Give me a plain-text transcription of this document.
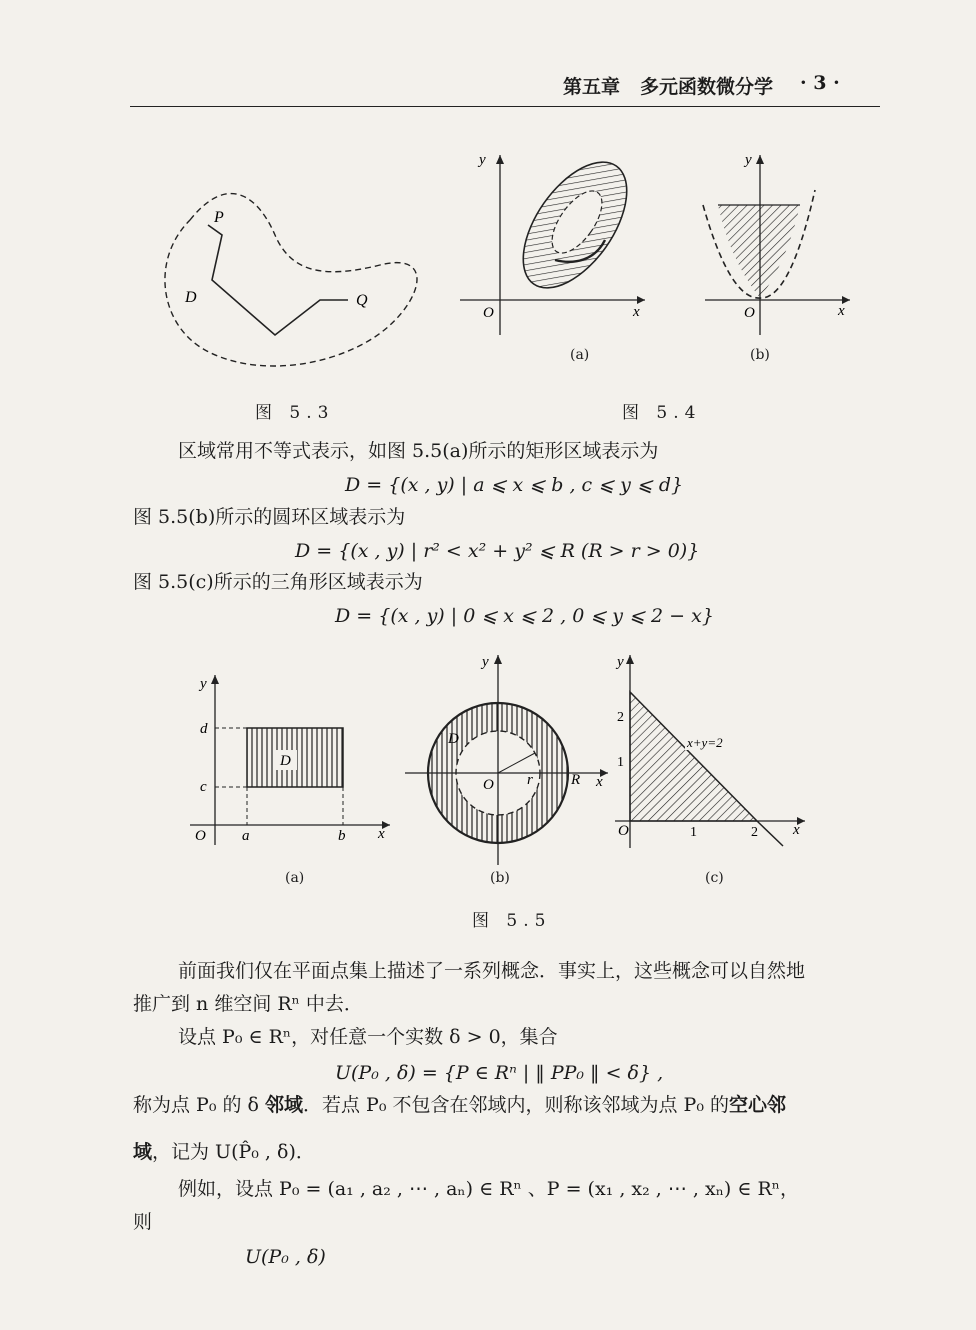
第五章 多元函数微分学 · 3 ·
P
D	Q
图 5.3
y
O	x
(a)
y
O	x
(b)
图 5.4
区域常用不等式表示，如图 5.5(a)所示的矩形区域表示为
D = {(x , y) | a ⩽ x ⩽ b , c ⩽ y ⩽ d}
图 5.5(b)所示的圆环区域表示为
D = {(x , y) | r² < x² + y² ⩽ R (R > r > 0)}
图 5.5(c)所示的三角形区域表示为
D = {(x , y) | 0 ⩽ x ⩽ 2 , 0 ⩽ y ⩽ 2 − x}
y
d
c
D
O a	b x
(a)
y
D
O r	R x
(b)
y
2
1
x+y=2
O	1	2 x
(c)
图 5.5
前面我们仅在平面点集上描述了一系列概念．事实上，这些概念可以自然地
推广到 n 维空间 Rⁿ 中去．
设点 P₀ ∈ Rⁿ，对任意一个实数 δ > 0，集合
U(P₀ , δ) = {P ∈ Rⁿ | ‖ PP₀ ‖ < δ} ,
称为点 P₀ 的 δ 邻域．若点 P₀ 不包含在邻域内，则称该邻域为点 P₀ 的空心邻
域，记为 U(P̂₀ , δ)．
例如，设点 P₀ = (a₁ , a₂ , ⋯ , aₙ) ∈ Rⁿ 、P = (x₁ , x₂ , ⋯ , xₙ) ∈ Rⁿ，
则
U(P₀ , δ)
